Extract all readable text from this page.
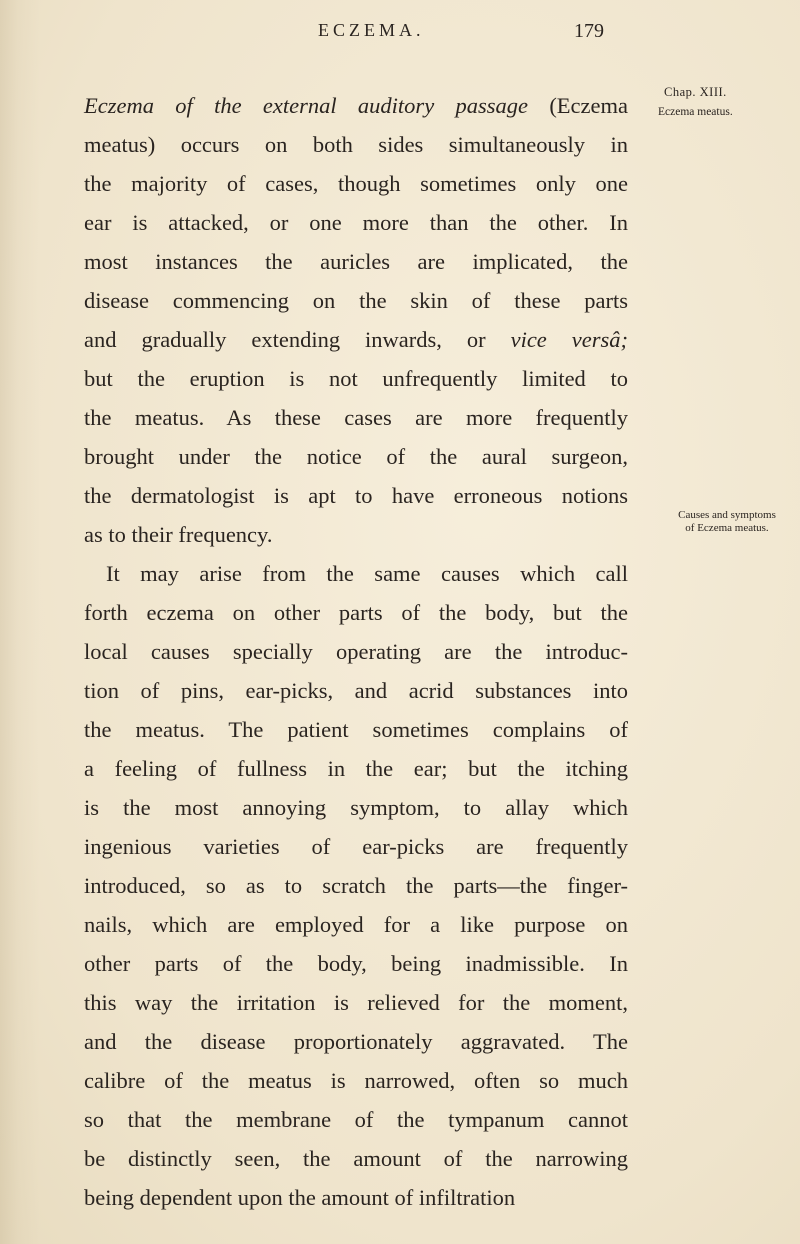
ECZEMA.	179
Eczema of the external auditory passage (Eczema
meatus) occurs on both sides simultaneously in
the majority of cases, though sometimes only one
ear is attacked, or one more than the other. In
most instances the auricles are implicated, the
disease commencing on the skin of these parts
and gradually extending inwards, or vice versâ;
but the eruption is not unfrequently limited to
the meatus. As these cases are more frequently
brought under the notice of the aural surgeon,
the dermatologist is apt to have erroneous notions
as to their frequency.
It may arise from the same causes which call
forth eczema on other parts of the body, but the
local causes specially operating are the introduc-
tion of pins, ear-picks, and acrid substances into
the meatus. The patient sometimes complains of
a feeling of fullness in the ear; but the itching
is the most annoying symptom, to allay which
ingenious varieties of ear-picks are frequently
introduced, so as to scratch the parts—the finger-
nails, which are employed for a like purpose on
other parts of the body, being inadmissible. In
this way the irritation is relieved for the moment,
and the disease proportionately aggravated. The
calibre of the meatus is narrowed, often so much
so that the membrane of the tympanum cannot
be distinctly seen, the amount of the narrowing
being dependent upon the amount of infiltration
Chap. XIII.
Eczema meatus.
Causes and symptoms
of Eczema meatus.
